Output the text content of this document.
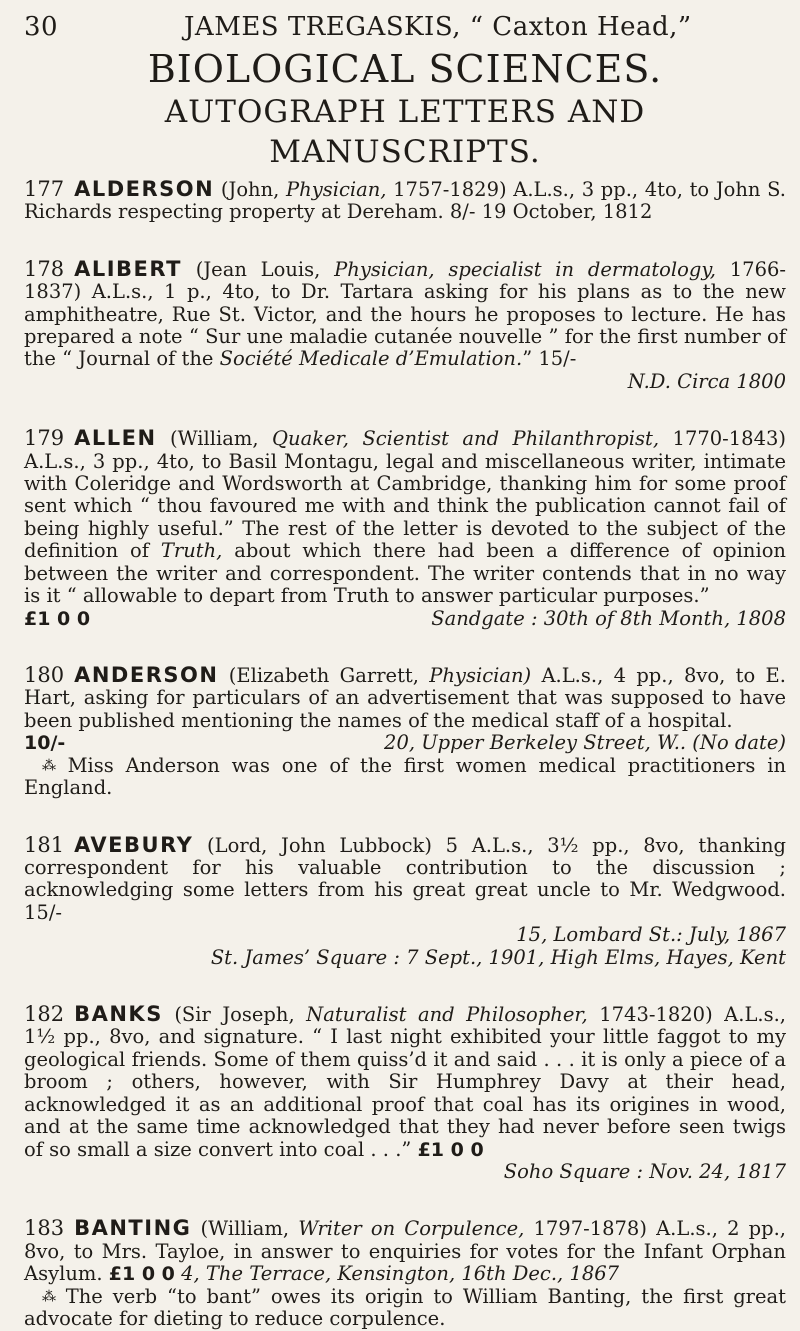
30	JAMES TREGASKIS, “ Caxton Head,”
BIOLOGICAL SCIENCES.
AUTOGRAPH LETTERS AND MANUSCRIPTS.

177 ALDERSON (John, Physician, 1757-1829) A.L.s., 3 pp., 4to, to John S. Richards respecting property at Dereham. 8/- 19 October, 1812

178 ALIBERT (Jean Louis, Physician, specialist in dermatology, 1766-1837) A.L.s., 1 p., 4to, to Dr. Tartara asking for his plans as to the new amphitheatre, Rue St. Victor, and the hours he proposes to lecture. He has prepared a note “ Sur une maladie cutanée nouvelle ” for the first number of the “ Journal of the Société Medicale d’Emulation.” 15/-

N.D. Circa 1800

179 ALLEN (William, Quaker, Scientist and Philanthropist, 1770-1843) A.L.s., 3 pp., 4to, to Basil Montagu, legal and miscellaneous writer, intimate with Coleridge and Wordsworth at Cambridge, thanking him for some proof sent which “ thou favoured me with and think the publication cannot fail of being highly useful.” The rest of the letter is devoted to the subject of the definition of Truth, about which there had been a difference of opinion between the writer and correspondent. The writer contends that in no way is it “ allowable to depart from Truth to answer particular purposes.”

£1 0 0	Sandgate : 30th of 8th Month, 1808

180 ANDERSON (Elizabeth Garrett, Physician) A.L.s., 4 pp., 8vo, to E. Hart, asking for particulars of an advertisement that was supposed to have been published mentioning the names of the medical staff of a hospital.

10/-	20, Upper Berkeley Street, W.. (No date)

⁂ Miss Anderson was one of the first women medical practitioners in England.

181 AVEBURY (Lord, John Lubbock) 5 A.L.s., 3½ pp., 8vo, thanking correspondent for his valuable contribution to the discussion ; acknowledging some letters from his great great uncle to Mr. Wedgwood. 15/-

15, Lombard St.: July, 1867

St. James’ Square : 7 Sept., 1901, High Elms, Hayes, Kent

182 BANKS (Sir Joseph, Naturalist and Philosopher, 1743-1820) A.L.s., 1½ pp., 8vo, and signature. “ I last night exhibited your little faggot to my geological friends. Some of them quiss’d it and said . . . it is only a piece of a broom ; others, however, with Sir Humphrey Davy at their head, acknowledged it as an additional proof that coal has its origines in wood, and at the same time acknowledged that they had never before seen twigs of so small a size convert into coal . . .” £1 0 0

Soho Square : Nov. 24, 1817

183 BANTING (William, Writer on Corpulence, 1797-1878) A.L.s., 2 pp., 8vo, to Mrs. Tayloe, in answer to enquiries for votes for the Infant Orphan Asylum. £1 0 0 4, The Terrace, Kensington, 16th Dec., 1867

⁂ The verb “to bant” owes its origin to William Banting, the first great advocate for dieting to reduce corpulence.
